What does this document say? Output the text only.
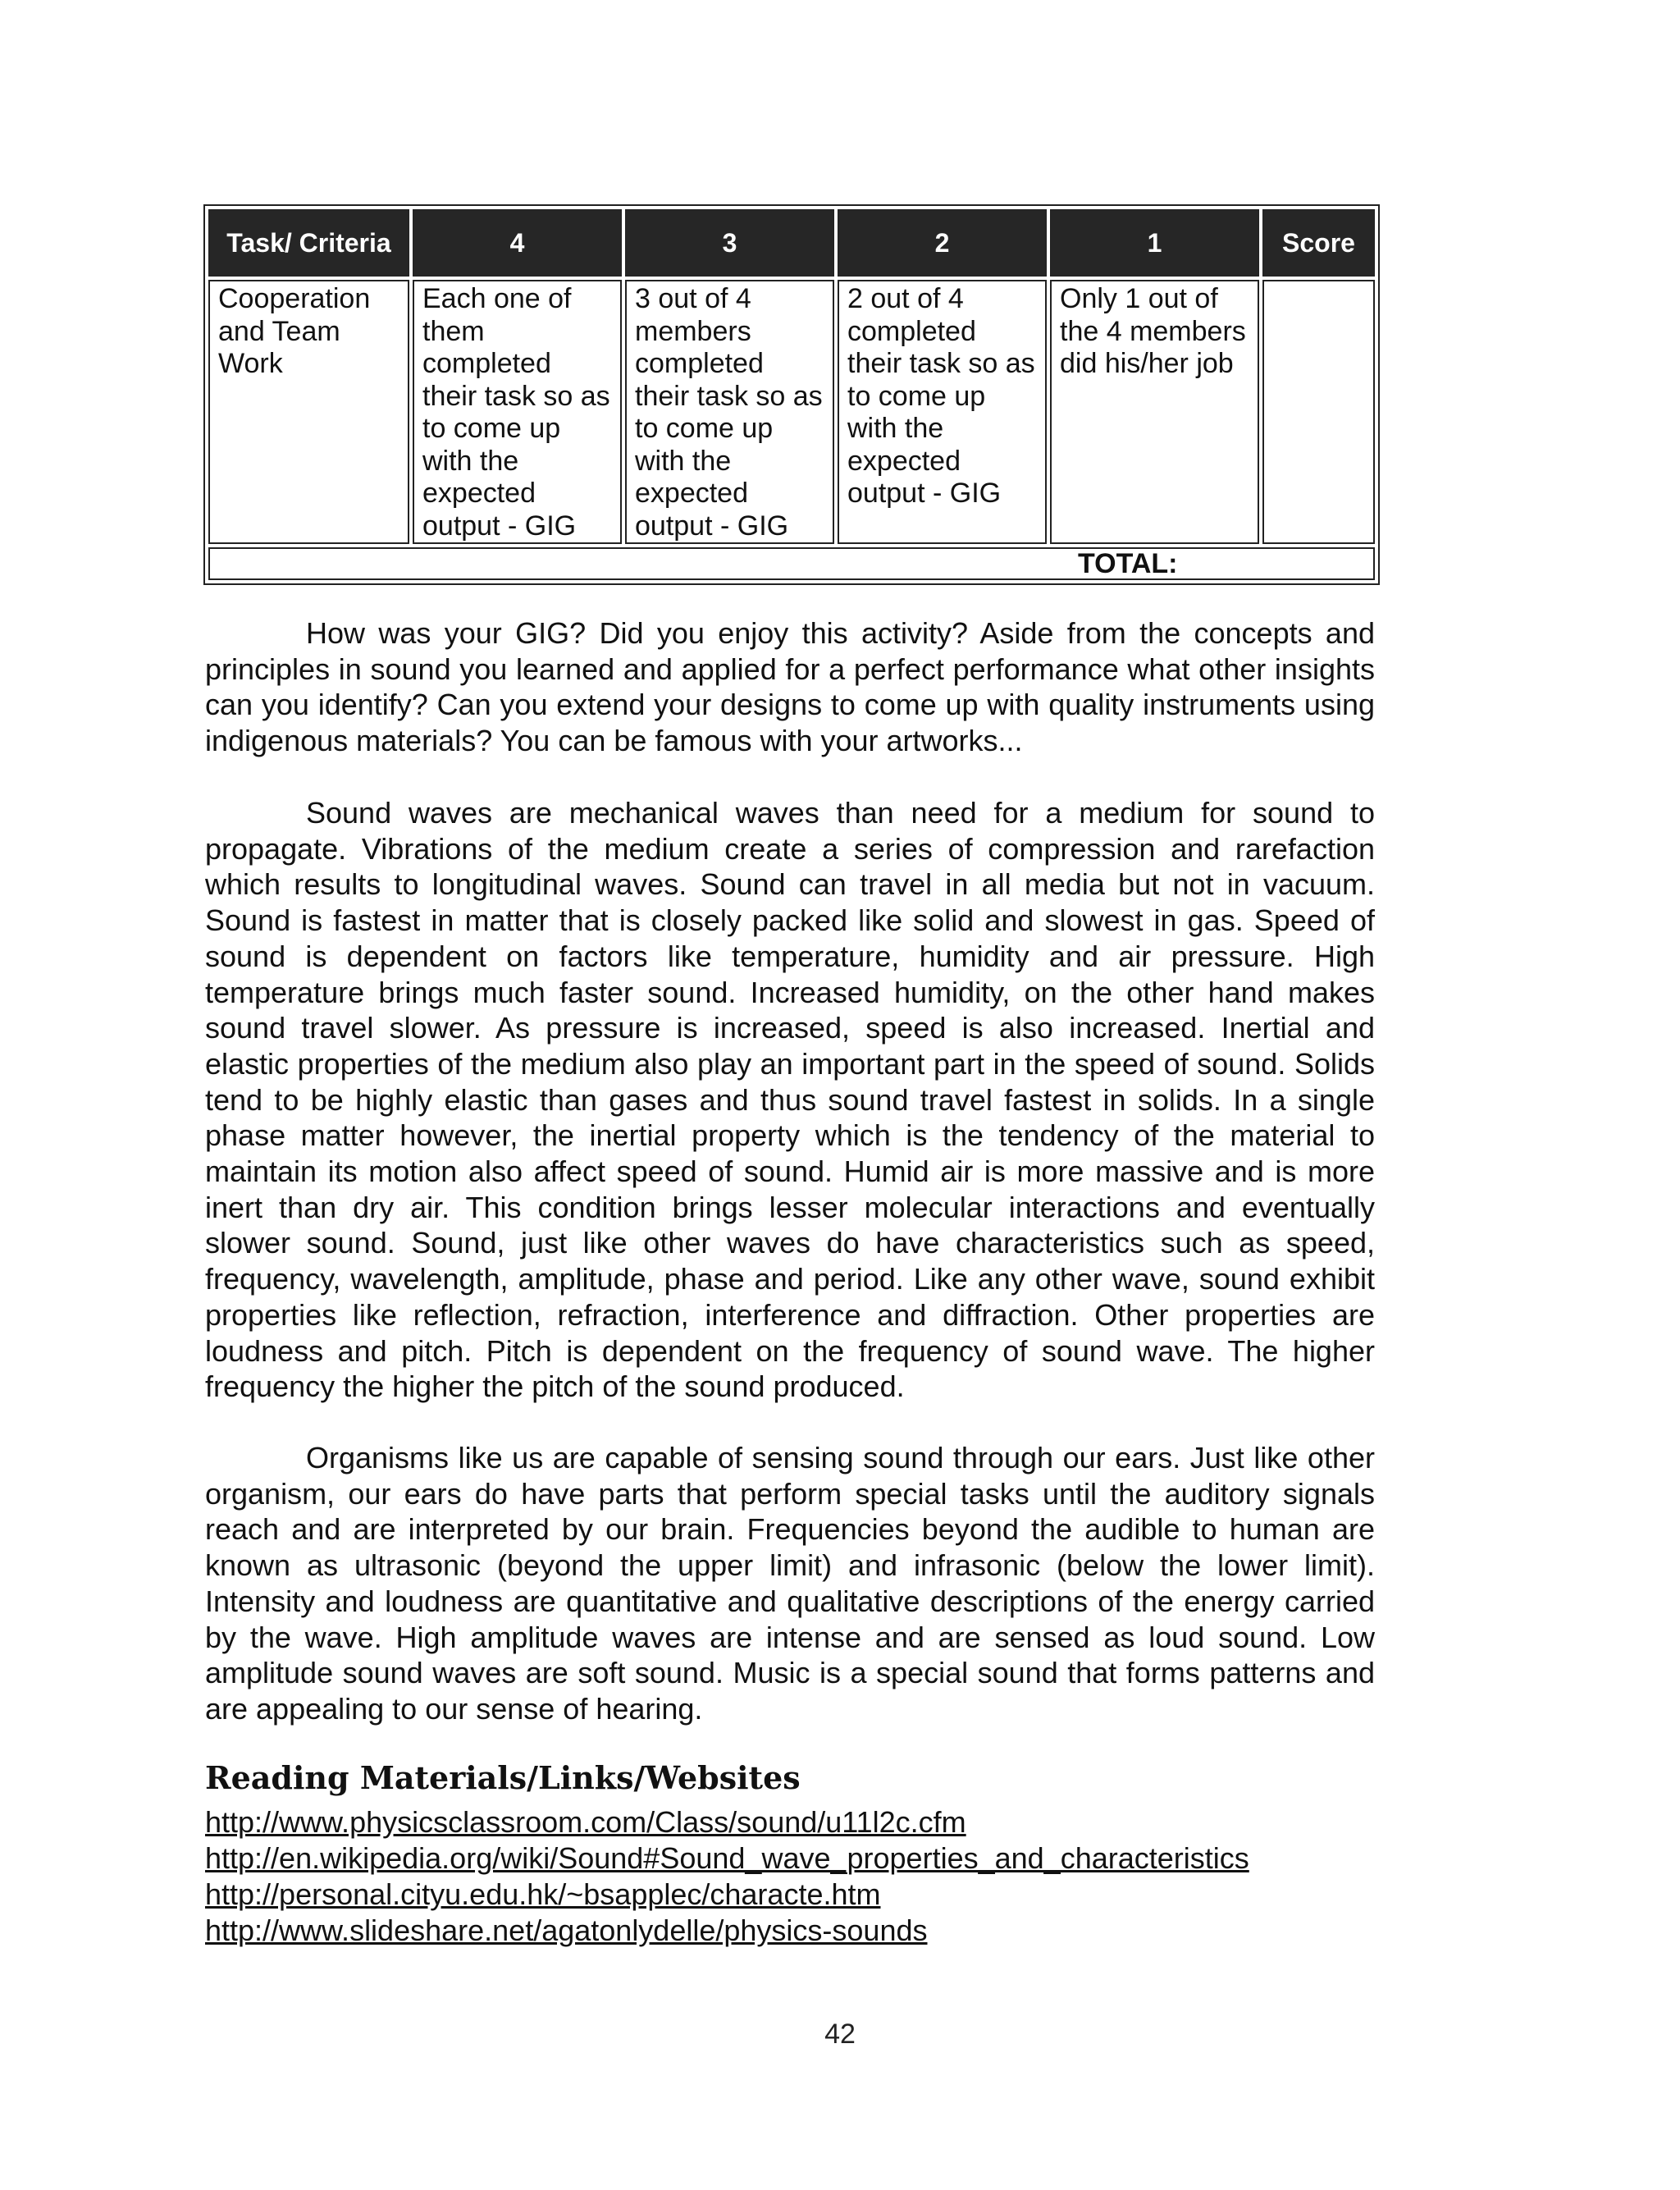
Task/ Criteria	4	3	2	1	Score
Cooperation and Team Work	Each one of them completed their task so as to come up with the expected output - GIG	3 out of 4 members completed their task so as to come up with the expected output - GIG	2 out of 4 completed their task so as to come up with the expected output - GIG	Only 1 out of the 4 members did his/her job	
TOTAL:					

How was your GIG? Did you enjoy this activity? Aside from the concepts and principles in sound you learned and applied for a perfect performance what other insights can you identify? Can you extend your designs to come up with quality instruments using indigenous materials? You can be famous with your artworks...

Sound waves are mechanical waves than need for a medium for sound to propagate. Vibrations of the medium create a series of compression and rarefaction which results to longitudinal waves. Sound can travel in all media but not in vacuum. Sound is fastest in matter that is closely packed like solid and slowest in gas. Speed of sound is dependent on factors like temperature, humidity and air pressure. High temperature brings much faster sound. Increased humidity, on the other hand makes sound travel slower. As pressure is increased, speed is also increased. Inertial and elastic properties of the medium also play an important part in the speed of sound. Solids tend to be highly elastic than gases and thus sound travel fastest in solids. In a single phase matter however, the inertial property which is the tendency of the material to maintain its motion also affect speed of sound. Humid air is more massive and is more inert than dry air. This condition brings lesser molecular interactions and eventually slower sound. Sound, just like other waves do have characteristics such as speed, frequency, wavelength, amplitude, phase and period. Like any other wave, sound exhibit properties like reflection, refraction, interference and diffraction. Other properties are loudness and pitch. Pitch is dependent on the frequency of sound wave. The higher frequency the higher the pitch of the sound produced.

Organisms like us are capable of sensing sound through our ears. Just like other organism, our ears do have parts that perform special tasks until the auditory signals reach and are interpreted by our brain. Frequencies beyond the audible to human are known as ultrasonic (beyond the upper limit) and infrasonic (below the lower limit). Intensity and loudness are quantitative and qualitative descriptions of the energy carried by the wave. High amplitude waves are intense and are sensed as loud sound. Low amplitude sound waves are soft sound. Music is a special sound that forms patterns and are appealing to our sense of hearing.

Reading Materials/Links/Websites
http://www.physicsclassroom.com/Class/sound/u11l2c.cfm
http://en.wikipedia.org/wiki/Sound#Sound_wave_properties_and_characteristics
http://personal.cityu.edu.hk/~bsapplec/characte.htm
http://www.slideshare.net/agatonlydelle/physics-sounds
42
